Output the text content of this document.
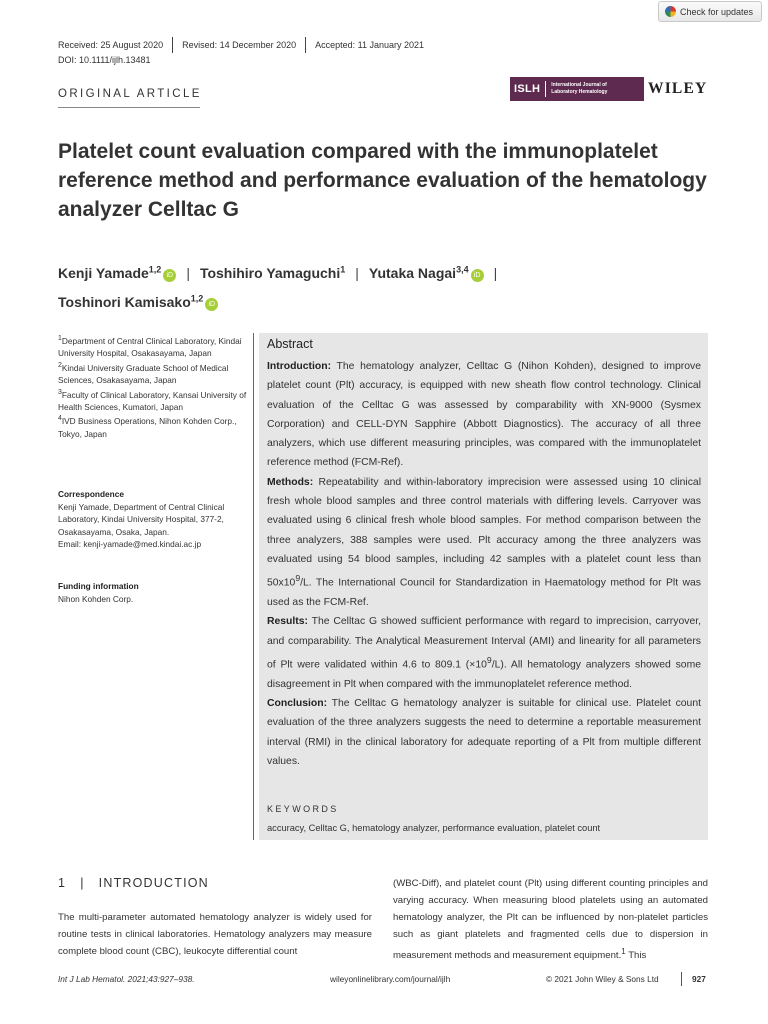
Check for updates
Received: 25 August 2020 Revised: 14 December 2020 Accepted: 11 January 2021
DOI: 10.1111/ijlh.13481
ORIGINAL ARTICLE	ISLH	International Journal of
Laboratory Hematology	WILEY
Platelet count evaluation compared with the immunoplatelet reference method and performance evaluation of the hematology analyzer Celltac G
Kenji Yamade$^{1,2}$iD | Toshihiro Yamaguchi$^1$ | Yutaka Nagai$^{3,4}$iD |
Toshinori Kamisako$^{1,2}$iD

$^1$Department of Central Clinical Laboratory, Kindai University Hospital, Osakasayama, Japan

$^2$Kindai University Graduate School of Medical Sciences, Osakasayama, Japan

$^3$Faculty of Clinical Laboratory, Kansai University of Health Sciences, Kumatori, Japan

$^4$IVD Business Operations, Nihon Kohden Corp., Tokyo, Japan

Correspondence

Kenji Yamade, Department of Central Clinical Laboratory, Kindai University Hospital, 377-2, Osakasayama, Osaka, Japan.

Email: kenji-yamade@med.kindai.ac.jp

Funding information

Nihon Kohden Corp.

Abstract

Introduction: The hematology analyzer, Celltac G (Nihon Kohden), designed to improve platelet count (Plt) accuracy, is equipped with new sheath flow control technology. Clinical evaluation of the Celltac G was assessed by comparability with XN-9000 (Sysmex Corporation) and CELL-DYN Sapphire (Abbott Diagnostics). The accuracy of all three analyzers, which use different measuring principles, was compared with the immunoplatelet reference method (FCM-Ref).

Methods: Repeatability and within-laboratory imprecision were assessed using 10 clinical fresh whole blood samples and three control materials with differing levels. Carryover was evaluated using 6 clinical fresh whole blood samples. For method comparison between the three analyzers, 388 samples were used. Plt accuracy among the three analyzers was evaluated using 54 blood samples, including 42 samples with a platelet count less than $50x10^9/L$. The International Council for Standardization in Haematology method for Plt was used as the FCM-Ref.

Results: The Celltac G showed sufficient performance with regard to imprecision, carryover, and comparability. The Analytical Measurement Interval (AMI) and linearity for all parameters of Plt were validated within 4.6 to 809.1 $(\times 10^9/L)$. All hematology analyzers showed some disagreement in Plt when compared with the immunoplatelet reference method.

Conclusion: The Celltac G hematology analyzer is suitable for clinical use. Platelet count evaluation of the three analyzers suggests the need to determine a reportable measurement interval (RMI) in the clinical laboratory for adequate reporting of a Plt from multiple different values.

KEYWORDS
accuracy, Celltac G, hematology analyzer, performance evaluation, platelet count
1 | INTRODUCTION
The multi-parameter automated hematology analyzer is widely used for routine tests in clinical laboratories. Hematology analyzers may measure complete blood count (CBC), leukocyte differential count
(WBC-Diff), and platelet count (Plt) using different counting principles and varying accuracy. When measuring blood platelets using an automated hematology analyzer, the Plt can be influenced by non-platelet particles such as giant platelets and fragmented cells due to dispersion in measurement methods and measurement equipment.$^1$ This
Int J Lab Hematol. 2021;43:927–938.	wileyonlinelibrary.com/journal/ijlh	© 2021 John Wiley & Sons Ltd	927
